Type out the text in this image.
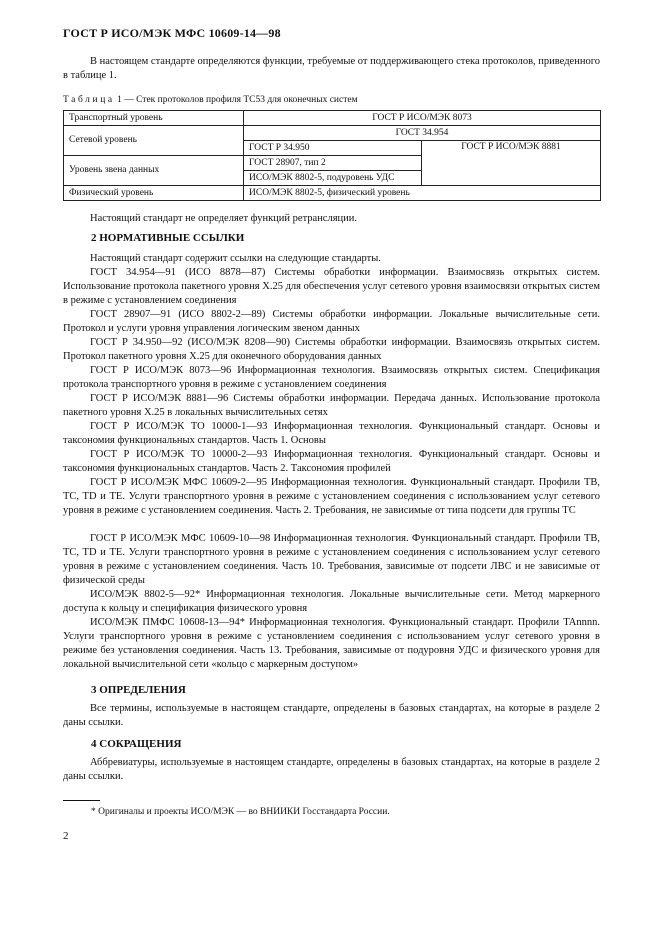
ГОСТ Р ИСО/МЭК МФС 10609-14—98

В настоящем стандарте определяются функции, требуемые от поддерживающего стека протоколов, приведенного в таблице 1.

Таблица 1 — Стек протоколов профиля TC53 для оконечных систем
Транспортный уровень	ГОСТ Р ИСО/МЭК 8073	
Сетевой уровень	ГОСТ 34.954	
	ГОСТ Р 34.950	ГОСТ Р ИСО/МЭК 8881
Уровень звена данных	ГОСТ 28907, тип 2	
	ИСО/МЭК 8802-5, подуровень УДС	
Физический уровень	ИСО/МЭК 8802-5, физический уровень	

Настоящий стандарт не определяет функций ретрансляции.

2 НОРМАТИВНЫЕ ССЫЛКИ

Настоящий стандарт содержит ссылки на следующие стандарты.

ГОСТ 34.954—91 (ИСО 8878—87) Системы обработки информации. Взаимосвязь открытых систем. Использование протокола пакетного уровня X.25 для обеспечения услуг сетевого уровня взаимосвязи открытых систем в режиме с установлением соединения

ГОСТ 28907—91 (ИСО 8802-2—89) Системы обработки информации. Локальные вычислительные сети. Протокол и услуги уровня управления логическим звеном данных

ГОСТ Р 34.950—92 (ИСО/МЭК 8208—90) Системы обработки информации. Взаимосвязь открытых систем. Протокол пакетного уровня X.25 для оконечного оборудования данных

ГОСТ Р ИСО/МЭК 8073—96 Информационная технология. Взаимосвязь открытых систем. Спецификация протокола транспортного уровня в режиме с установлением соединения

ГОСТ Р ИСО/МЭК 8881—96 Системы обработки информации. Передача данных. Использование протокола пакетного уровня X.25 в локальных вычислительных сетях

ГОСТ Р ИСО/МЭК ТО 10000-1—93 Информационная технология. Функциональный стандарт. Основы и таксономия функциональных стандартов. Часть 1. Основы

ГОСТ Р ИСО/МЭК ТО 10000-2—93 Информационная технология. Функциональный стандарт. Основы и таксономия функциональных стандартов. Часть 2. Таксономия профилей

ГОСТ Р ИСО/МЭК МФС 10609-2—95 Информационная технология. Функциональный стандарт. Профили TB, TC, TD и TE. Услуги транспортного уровня в режиме с установлением соединения с использованием услуг сетевого уровня в режиме с установлением соединения. Часть 2. Требования, не зависимые от типа подсети для группы TC

ГОСТ Р ИСО/МЭК МФС 10609-10—98 Информационная технология. Функциональный стандарт. Профили TB, TC, TD и TE. Услуги транспортного уровня в режиме с установлением соединения с использованием услуг сетевого уровня в режиме с установлением соединения. Часть 10. Требования, зависимые от подсети ЛВС и не зависимые от физической среды

ИСО/МЭК 8802-5—92* Информационная технология. Локальные вычислительные сети. Метод маркерного доступа к кольцу и спецификация физического уровня

ИСО/МЭК ПМФС 10608-13—94* Информационная технология. Функциональный стандарт. Профили TAnnnn. Услуги транспортного уровня в режиме с установлением соединения с использованием услуг сетевого уровня в режиме без установления соединения. Часть 13. Требования, зависимые от подуровня УДС и физического уровня для локальной вычислительной сети «кольцо с маркерным доступом»

3 ОПРЕДЕЛЕНИЯ

Все термины, используемые в настоящем стандарте, определены в базовых стандартах, на которые в разделе 2 даны ссылки.

4 СОКРАЩЕНИЯ

Аббревиатуры, используемые в настоящем стандарте, определены в базовых стандартах, на которые в разделе 2 даны ссылки.

* Оригиналы и проекты ИСО/МЭК — во ВНИИКИ Госстандарта России.
2
